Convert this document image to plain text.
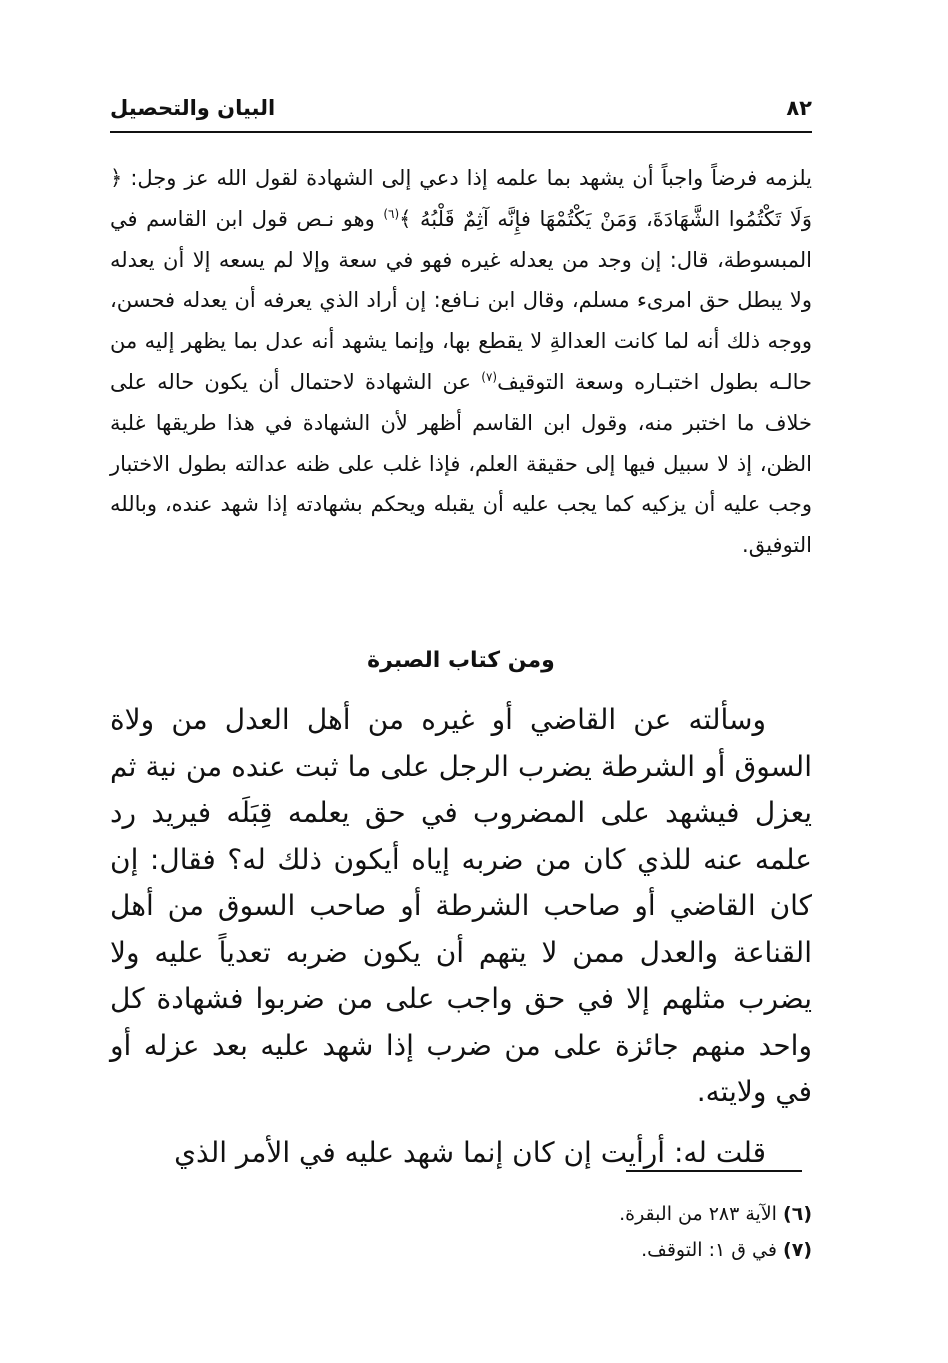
٨٢
البيان والتحصيل

يلزمه فرضاً واجباً أن يشهد بما علمه إذا دعي إلى الشهادة لقول الله عز وجل: ﴿ وَلَا تَكْتُمُوا الشَّهَادَةَ، وَمَنْ يَكْتُمْهَا فإِنَّه آثِمٌ قَلْبُهُ ﴾$^{(٦)}$ وهو نـص قول ابن القاسم في المبسوطة، قال: إن وجد من يعدله غيره فهو في سعة وإلا لم يسعه إلا أن يعدله ولا يبطل حق امرىء مسلم، وقال ابن نـافع: إن أراد الذي يعرفه أن يعدله فحسن، ووجه ذلك أنه لما كانت العدالةِ لا يقطع بها، وإنما يشهد أنه عدل بما يظهر إليه من حالـه بطول اختبـاره وسعة التوقيف$^{(٧)}$ عن الشهادة لاحتمال أن يكون حاله على خلاف ما اختبر منه، وقول ابن القاسم أظهر لأن الشهادة في هذا طريقها غلبة الظن، إذ لا سبيل فيها إلى حقيقة العلم، فإذا غلب على ظنه عدالته بطول الاختبار وجب عليه أن يزكيه كما يجب عليه أن يقبله ويحكم بشهادته إذا شهد عنده، وبالله التوفيق.

ومن كتاب الصبرة

وسألته عن القاضي أو غيره من أهل العدل من ولاة السوق أو الشرطة يضرب الرجل على ما ثبت عنده من نية ثم يعزل فيشهد على المضروب في حق يعلمه قِبَلَه فيريد رد علمه عنه للذي كان من ضربه إياه أيكون ذلك له؟ فقال: إن كان القاضي أو صاحب الشرطة أو صاحب السوق من أهل القناعة والعدل ممن لا يتهم أن يكون ضربه تعدياً عليه ولا يضرب مثلهم إلا في حق واجب على من ضربوا فشهادة كل واحد منهم جائزة على من ضرب إذا شهد عليه بعد عزله أو في ولايته.

قلت له: أرأيت إن كان إنما شهد عليه في الأمر الذي

(٦) الآية ٢٨٣ من البقرة.
(٧) في ق ١: التوقف.
